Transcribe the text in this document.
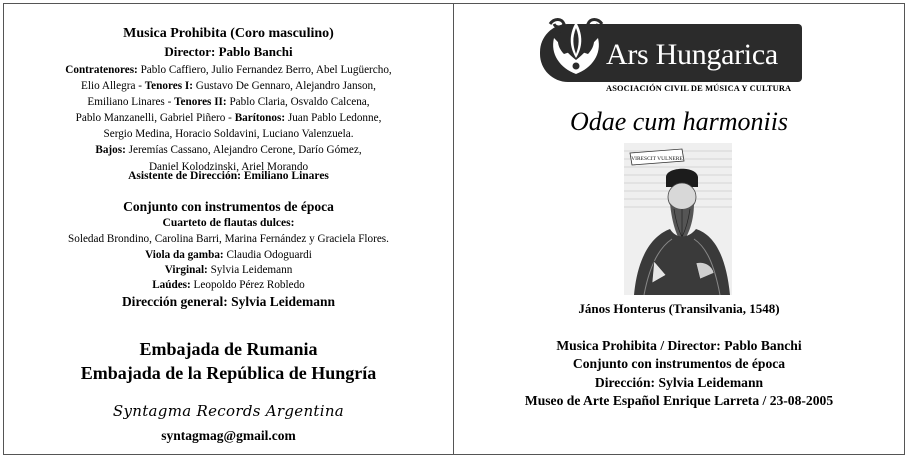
Musica Prohibita (Coro masculino)
Director: Pablo Banchi
Contratenores: Pablo Caffiero, Julio Fernandez Berro, Abel Lugüercho,
Elio Allegra - Tenores I: Gustavo De Gennaro, Alejandro Janson,
Emiliano Linares - Tenores II: Pablo Claria, Osvaldo Calcena,
Pablo Manzanelli, Gabriel Piñero - Barítonos: Juan Pablo Ledonne,
Sergio Medina, Horacio Soldavini, Luciano Valenzuela.
Bajos: Jeremías Cassano, Alejandro Cerone, Darío Gómez,
Daniel Kolodzinski, Ariel Morando
Asistente de Dirección: Emiliano Linares
Conjunto con instrumentos de época
Cuarteto de flautas dulces:
Soledad Brondino, Carolina Barri, Marina Fernández y Graciela Flores.
Viola da gamba: Claudia Odoguardi
Virginal: Sylvia Leidemann
Laúdes: Leopoldo Pérez Robledo
Dirección general: Sylvia Leidemann
Embajada de Rumania
Embajada de la República de Hungría
Syntagma Records Argentina
syntagmag@gmail.com
Ars Hungarica
ASOCIACIÓN CIVIL DE MÚSICA Y CULTURA
Odae cum harmoniis
VIRESCIT VULNERE
János Honterus (Transilvania, 1548)
Musica Prohibita / Director: Pablo Banchi
Conjunto con instrumentos de época
Dirección: Sylvia Leidemann
Museo de Arte Español Enrique Larreta / 23-08-2005
